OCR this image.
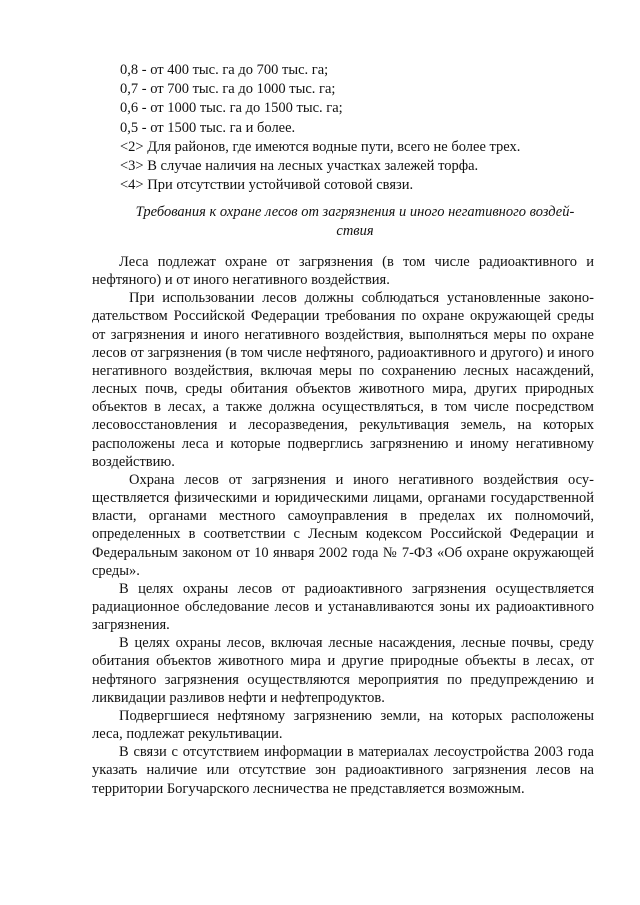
0,8 - от 400 тыс. га до 700 тыс. га;
0,7 - от 700 тыс. га до 1000 тыс. га;
0,6 - от 1000 тыс. га до 1500 тыс. га;
0,5 - от 1500 тыс. га и более.
<2> Для районов, где имеются водные пути, всего не более трех.
<3> В случае наличия на лесных участках залежей торфа.
<4> При отсутствии устойчивой сотовой связи.
Требования к охране лесов от загрязнения и иного негативного воздействия

Леса подлежат охране от загрязнения (в том числе радиоактивного и нефтяного) и от иного негативного воздействия.

При использовании лесов должны соблюдаться установленные законодательством Российской Федерации требования по охране окружающей среды от загрязнения и иного негативного воздействия, выполняться меры по охране лесов от загрязнения (в том числе нефтяного, радиоактивного и другого) и иного негативного воздействия, включая меры по сохранению лесных насаждений, лесных почв, среды обитания объектов животного мира, других природных объектов в лесах, а также должна осуществляться, в том числе посредством лесовосстановления и лесоразведения, рекультивация земель, на которых расположены леса и которые подверглись загрязнению и иному негативному воздействию.

Охрана лесов от загрязнения и иного негативного воздействия осуществляется физическими и юридическими лицами, органами государственной власти, органами местного самоуправления в пределах их полномочий, определенных в соответствии с Лесным кодексом Российской Федерации и Федеральным законом от 10 января 2002 года № 7-ФЗ «Об охране окружающей среды».

В целях охраны лесов от радиоактивного загрязнения осуществляется радиационное обследование лесов и устанавливаются зоны их радиоактивного загрязнения.

В целях охраны лесов, включая лесные насаждения, лесные почвы, среду обитания объектов животного мира и другие природные объекты в лесах, от нефтяного загрязнения осуществляются мероприятия по предупреждению и ликвидации разливов нефти и нефтепродуктов.

Подвергшиеся нефтяному загрязнению земли, на которых расположены леса, подлежат рекультивации.

В связи с отсутствием информации в материалах лесоустройства 2003 года указать наличие или отсутствие зон радиоактивного загрязнения лесов на территории Богучарского лесничества не представляется возможным.
